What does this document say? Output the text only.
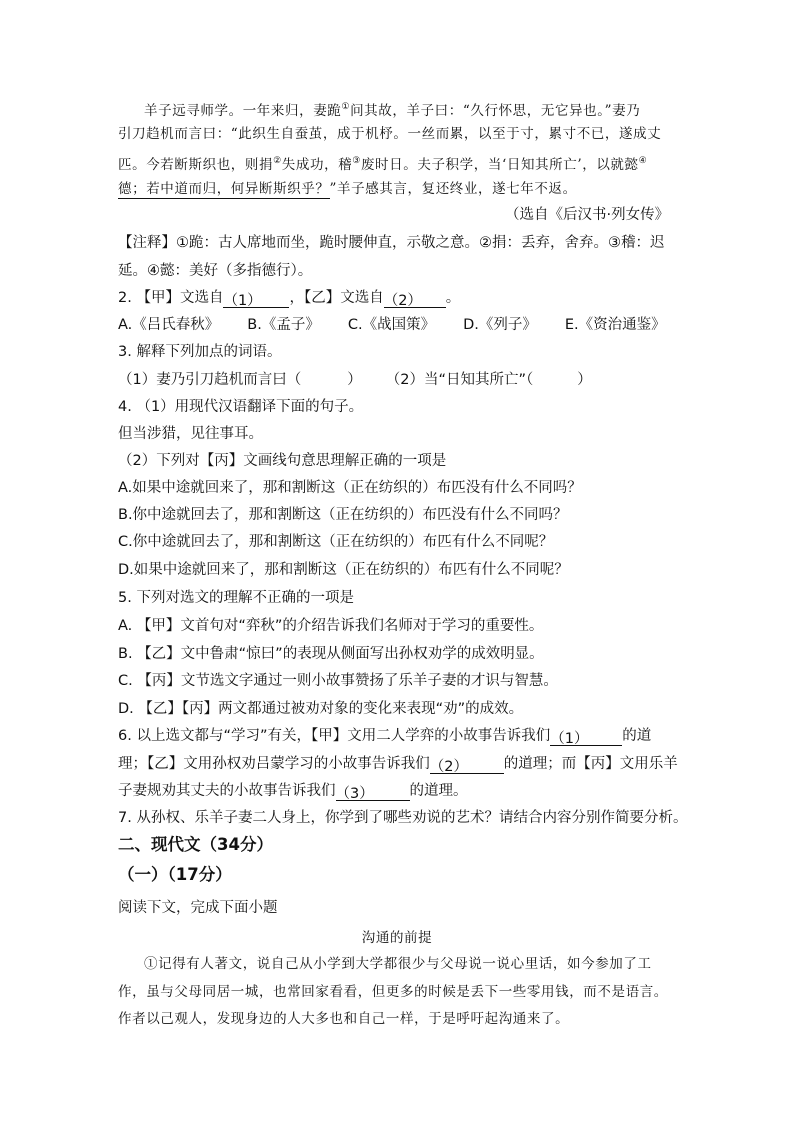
羊子远寻师学。一年来归，妻跪①问其故，羊子曰：“久行怀思，无它异也。”妻乃
引刀趋机而言曰：“此织生自蚕茧，成于机杼。一丝而累，以至于寸，累寸不已，遂成丈
匹。今若断斯织也，则捐②失成功，稽③废时日。夫子积学，当‘日知其所亡’，以就懿④
德；若中道而归，何异断斯织乎？”羊子感其言，复还终业，遂七年不返。
（选自《后汉书·列女传》
【注释】①跪：古人席地而坐，跪时腰伸直，示敬之意。②捐：丢弃，舍弃。③稽：迟
延。④懿：美好（多指德行）。
2. 【甲】文选自（1） ，【乙】文选自（2） 。
A.《吕氏春秋》 B.《孟子》 C.《战国策》 D.《列子》 E.《资治通鉴》
3. 解释下列加点的词语。
（1）妻乃引刀趋机而言曰（	） （2）当“日知其所亡”（	）
4. （1）用现代汉语翻译下面的句子。
但当涉猎，见往事耳。
（2）下列对【丙】文画线句意思理解正确的一项是
A.如果中途就回来了，那和割断这（正在纺织的）布匹没有什么不同吗？
B.你中途就回去了，那和割断这（正在纺织的）布匹没有什么不同吗？
C.你中途就回去了，那和割断这（正在纺织的）布匹有什么不同呢？
D.如果中途就回来了，那和割断这（正在纺织的）布匹有什么不同呢？
5. 下列对选文的理解不正确的一项是
A. 【甲】文首句对“弈秋”的介绍告诉我们名师对于学习的重要性。
B. 【乙】文中鲁肃“惊曰”的表现从侧面写出孙权劝学的成效明显。
C. 【丙】文节选文字通过一则小故事赞扬了乐羊子妻的才识与智慧。
D. 【乙】【丙】两文都通过被劝对象的变化来表现“劝”的成效。
6. 以上选文都与“学习”有关，【甲】文用二人学弈的小故事告诉我们（1） 的道
理；【乙】文用孙权劝吕蒙学习的小故事告诉我们（2） 的道理；而【丙】文用乐羊
子妻规劝其丈夫的小故事告诉我们（3） 的道理。
7. 从孙权、乐羊子妻二人身上，你学到了哪些劝说的艺术？请结合内容分别作简要分析。
二、现代文（34分）
（一）（17分）
阅读下文，完成下面小题
沟通的前提
①记得有人著文，说自己从小学到大学都很少与父母说一说心里话，如今参加了工
作，虽与父母同居一城，也常回家看看，但更多的时候是丢下一些零用钱，而不是语言。
作者以己观人，发现身边的人大多也和自己一样，于是呼吁起沟通来了。
